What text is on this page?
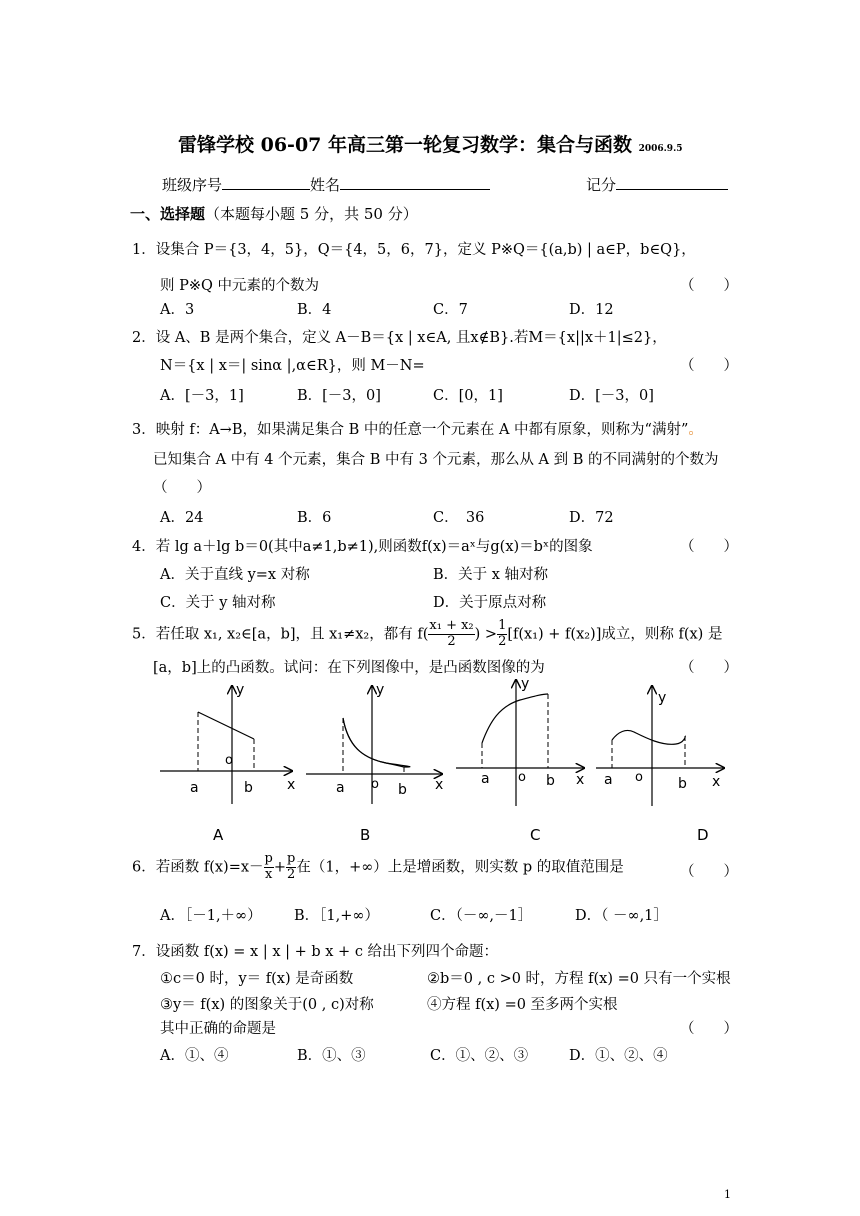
雷锋学校 06-07 年高三第一轮复习数学：集合与函数 2006.9.5
班级序号	姓名	记分
一、选择题（本题每小题 5 分，共 50 分）
1．设集合 P＝{3，4，5}，Q＝{4，5，6，7}，定义 P※Q＝{(a,b) | a∈P，b∈Q}，
则 P※Q 中元素的个数为	（　　）
A．3	B．4	C．7	D．12
2．设 A、B 是两个集合，定义 A－B＝{x | x∈A, 且x∉B}.若M＝{x||x＋1|≤2}，
N＝{x | x＝| sinα |,α∈R}，则 M－N=	（　　）
A．[－3，1]	B．[－3，0]	C．[0，1]	D．[－3，0]
3．映射 f：A→B，如果满足集合 B 中的任意一个元素在 A 中都有原象，则称为“满射”。
已知集合 A 中有 4 个元素，集合 B 中有 3 个元素，那么从 A 到 B 的不同满射的个数为
（　　）
A．24	B．6	C．　36	D．72
4．若 lg a＋lg b＝0(其中a≠1,b≠1),则函数f(x)＝aˣ与g(x)＝bˣ的图象	（　　）
A．关于直线 y=x 对称	B．关于 x 轴对称
C．关于 y 轴对称	D．关于原点对称
5．若任取 x₁, x₂∈[a，b]，且 x₁≠x₂，都有 $f( \frac{\text{x₁ + x₂}}{2}$ ) > $\frac{1}{2} [f(x_1) + f(x_2)]$成立，则称 f(x) 是
[a，b]上的凸函数。试问：在下列图像中，是凸函数图像的为	（　　）
a	b
o
y
x	a	b
o
y
x	a o b
y
x a o	b
y
x
A	B	C	D
6．若函数 $f(x)=x- \frac{p}{x} + \frac{p}{2}$ 在（1，+∞）上是增函数，则实数 p 的取值范围是	（　　）
A．［－1,＋∞） B．［1,+∞）	C．（－∞,－1］	D．（ －∞,1］
7．设函数 f(x) = x | x | + b x + c 给出下列四个命题：
①c＝0 时，y＝ f(x) 是奇函数	②b＝0 , c >0 时，方程 f(x) =0 只有一个实根
③y＝ f(x) 的图象关于(0 , c)对称	④方程 f(x) =0 至多两个实根
其中正确的命题是	（　　）
A．①、④	B．①、③	C．①、②、③	D．①、②、④
1
